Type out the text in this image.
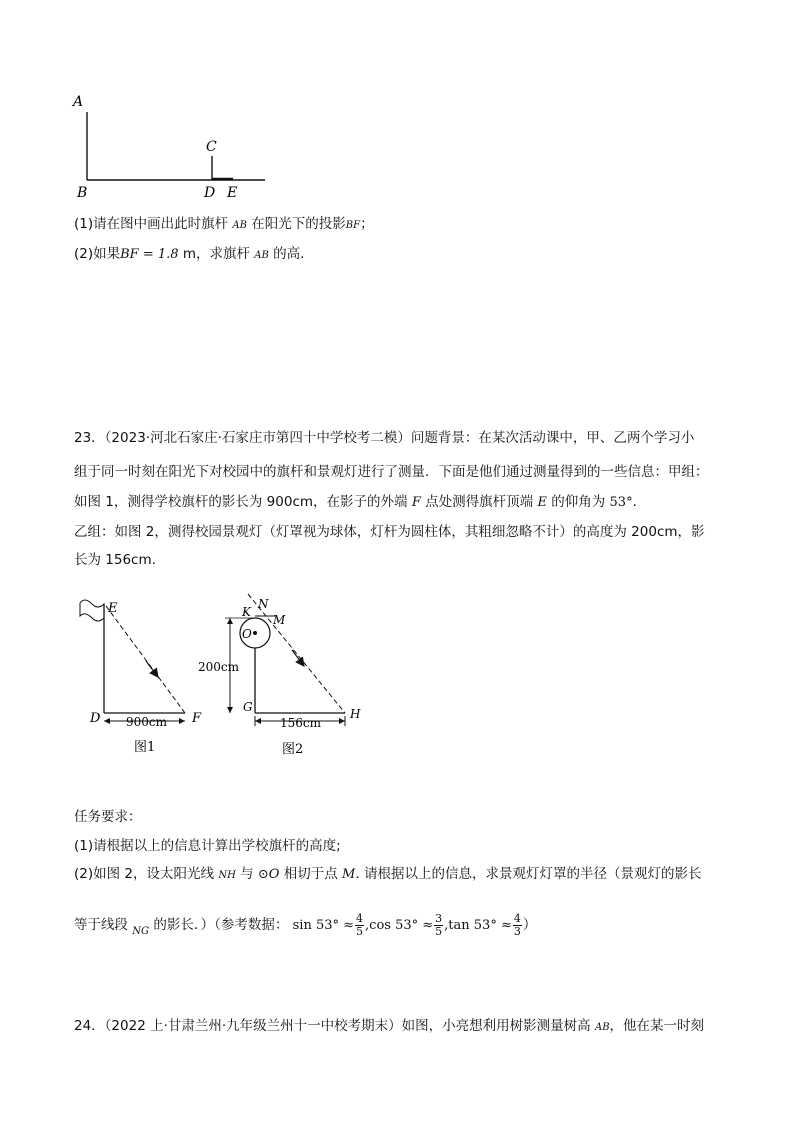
A
B
C
D E
(1)请在图中画出此时旗杆 AB 在阳光下的投影BF；
(2)如果BF = 1.8 m，求旗杆 AB 的高.
23．（2023·河北石家庄·石家庄市第四十中学校考二模）问题背景：在某次活动课中，甲、乙两个学习小
组于同一时刻在阳光下对校园中的旗杆和景观灯进行了测量．下面是他们通过测量得到的一些信息：甲组：
如图 1，测得学校旗杆的影长为 900cm，在影子的外端 F 点处测得旗杆顶端 E 的仰角为 53°．
乙组：如图 2，测得校园景观灯（灯罩视为球体，灯杆为圆柱体，其粗细忽略不计）的高度为 200cm，影
长为 156cm.
E
D	F
900cm
图1
K
N
M
O
G	H
200cm
156cm
图2
任务要求：
(1)请根据以上的信息计算出学校旗杆的高度;
(2)如图 2，设太阳光线 NH 与 ⊙O 相切于点 M. 请根据以上的信息，求景观灯灯罩的半径（景观灯的影长
等于线段 $_{NG}$ 的影长．）（参考数据： $\sin 53^\circ \approx \frac{4}{5} ,\cos$ $53^\circ \approx \frac{3}{5} ,\tan$ $53^\circ \approx \frac{4}{3}$ ）
24．（2022 上·甘肃兰州·九年级兰州十一中校考期末）如图，小亮想利用树影测量树高 AB，他在某一时刻
